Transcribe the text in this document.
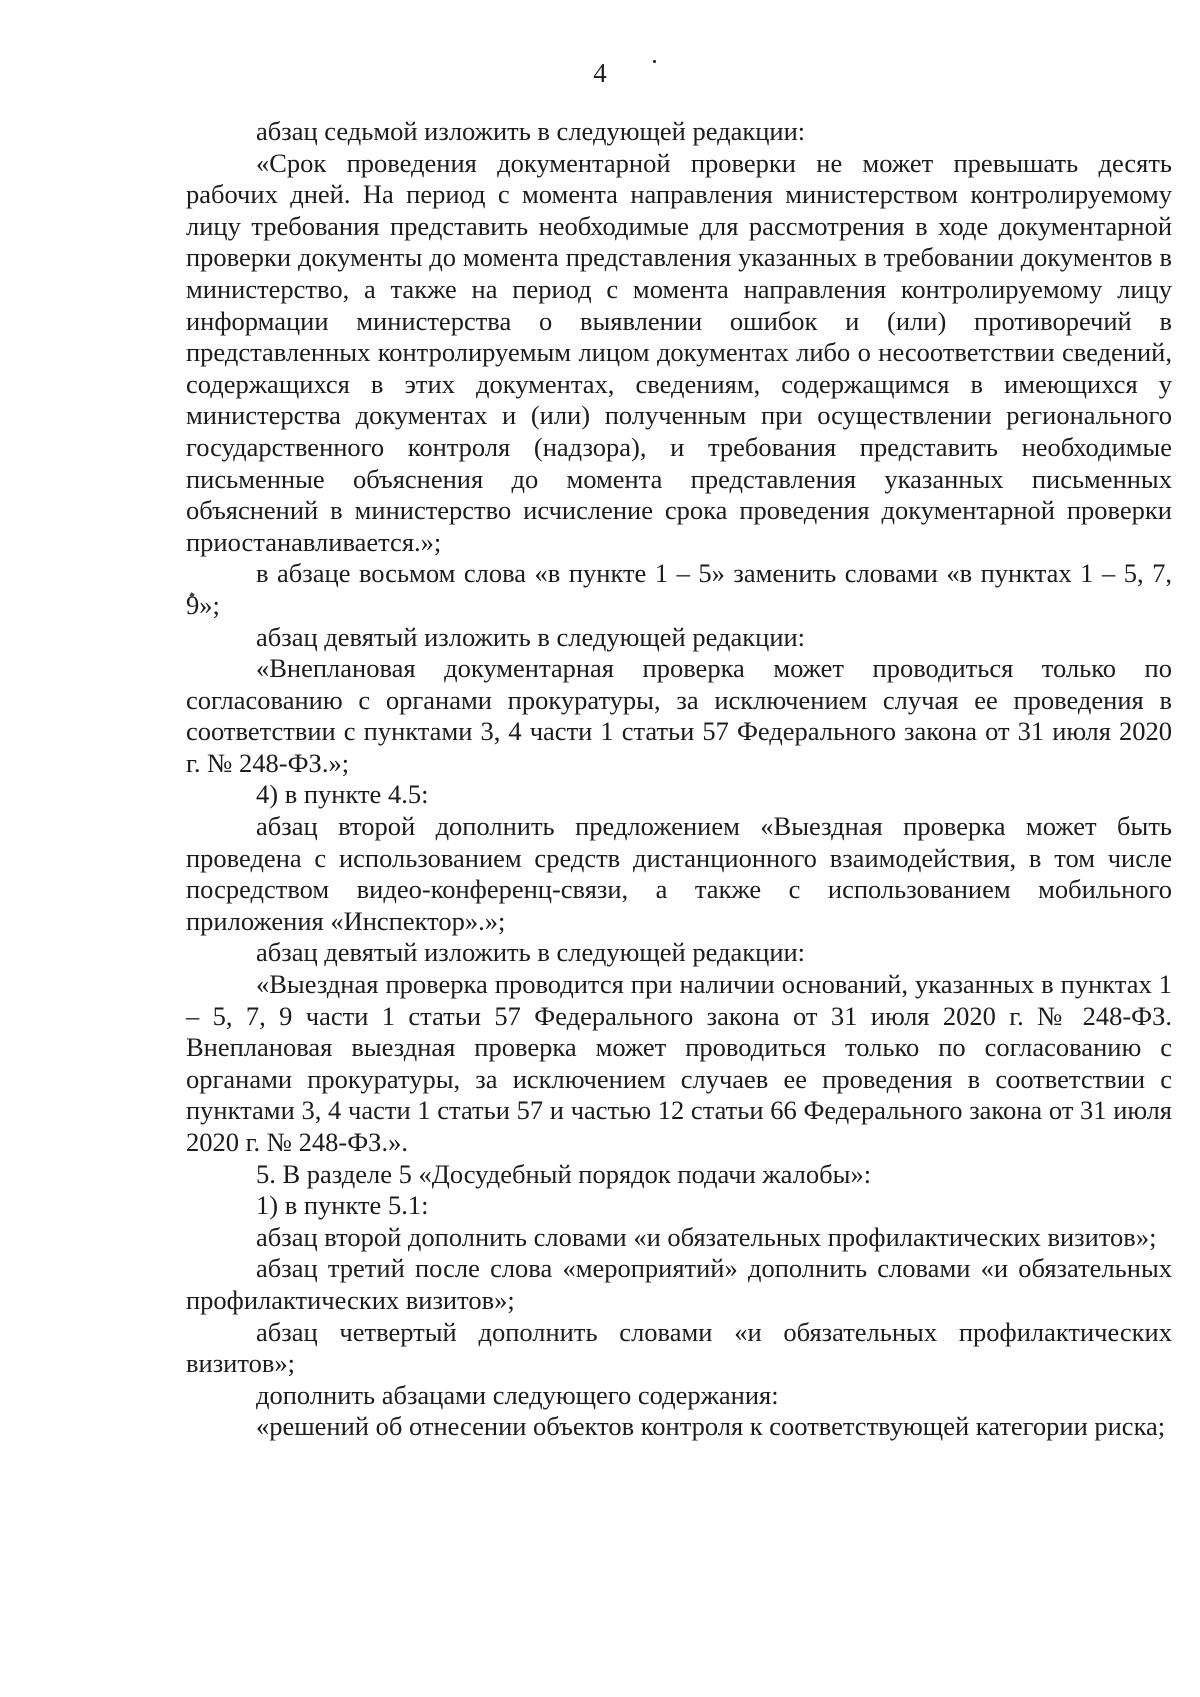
4

абзац седьмой изложить в следующей редакции:

«Срок проведения документарной проверки не может превышать десять рабочих дней. На период с момента направления министерством контролируемому лицу требования представить необходимые для рассмотрения в ходе документарной проверки документы до момента представления указанных в требовании документов в министерство, а также на период с момента направления контролируемому лицу информации министерства о выявлении ошибок и (или) противоречий в представленных контролируемым лицом документах либо о несоответствии сведений, содержащихся в этих документах, сведениям, содержащимся в имеющихся у министерства документах и (или) полученным при осуществлении регионального государственного контроля (надзора), и требования представить необходимые письменные объяснения до момента представления указанных письменных объяснений в министерство исчисление срока проведения документарной проверки приостанавливается.»;

в абзаце восьмом слова «в пункте 1 – 5» заменить словами «в пунктах 1 – 5, 7, 9»;

абзац девятый изложить в следующей редакции:

«Внеплановая документарная проверка может проводиться только по согласованию с органами прокуратуры, за исключением случая ее проведения в соответствии с пунктами 3, 4 части 1 статьи 57 Федерального закона от 31 июля 2020 г. № 248-ФЗ.»;

4) в пункте 4.5:

абзац второй дополнить предложением «Выездная проверка может быть проведена с использованием средств дистанционного взаимодействия, в том числе посредством видео-конференц-связи, а также с использованием мобильного приложения «Инспектор».»;

абзац девятый изложить в следующей редакции:

«Выездная проверка проводится при наличии оснований, указанных в пунктах 1 – 5, 7, 9 части 1 статьи 57 Федерального закона от 31 июля 2020 г. № 248-ФЗ. Внеплановая выездная проверка может проводиться только по согласованию с органами прокуратуры, за исключением случаев ее проведения в соответствии с пунктами 3, 4 части 1 статьи 57 и частью 12 статьи 66 Федерального закона от 31 июля 2020 г. № 248-ФЗ.».

5. В разделе 5 «Досудебный порядок подачи жалобы»:

1) в пункте 5.1:

абзац второй дополнить словами «и обязательных профилактических визитов»;

абзац третий после слова «мероприятий» дополнить словами «и обязательных профилактических визитов»;

абзац четвертый дополнить словами «и обязательных профилактических визитов»;

дополнить абзацами следующего содержания:

«решений об отнесении объектов контроля к соответствующей категории риска;
